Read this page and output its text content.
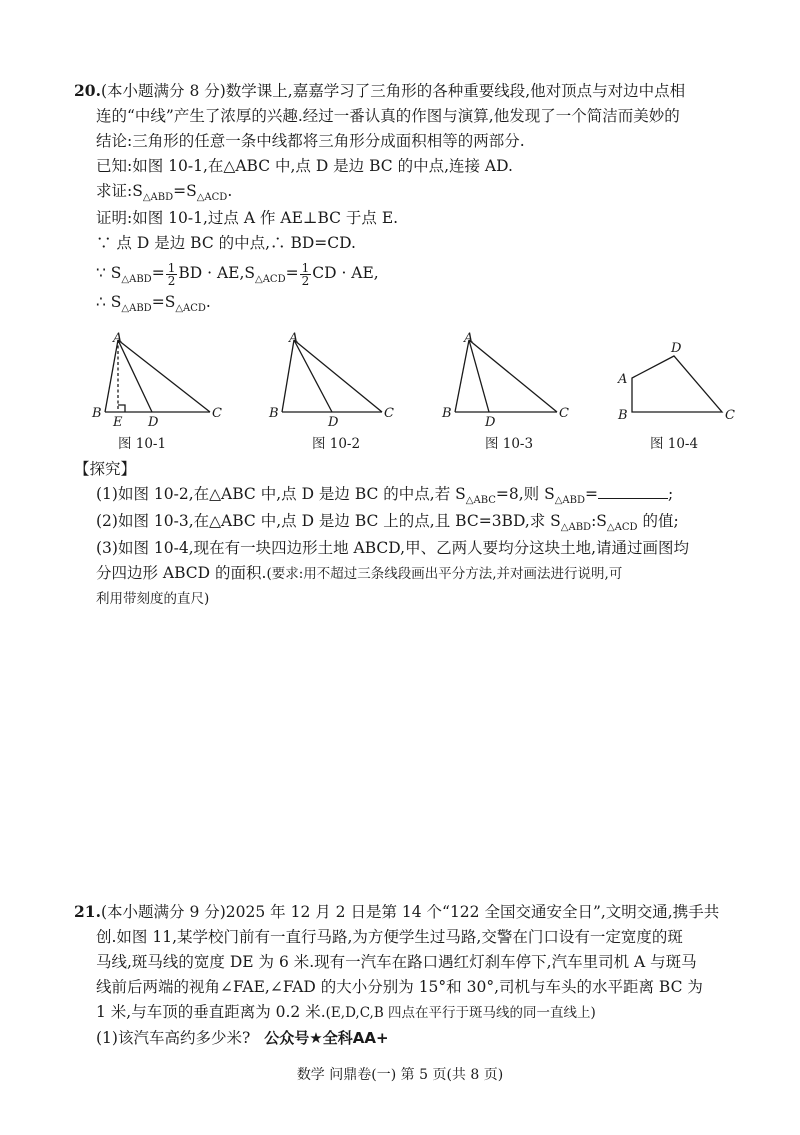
20.(本小题满分 8 分)数学课上,嘉嘉学习了三角形的各种重要线段,他对顶点与对边中点相
连的“中线”产生了浓厚的兴趣.经过一番认真的作图与演算,他发现了一个简洁而美妙的
结论:三角形的任意一条中线都将三角形分成面积相等的两部分.
已知:如图 10-1,在△ABC 中,点 D 是边 BC 的中点,连接 AD.
求证$:S_{\triangle ABD}=S_{\triangle ACD}$.
证明:如图 10-1,过点 A 作 AE⊥BC 于点 E.
∵ 点 D 是边 BC 的中点,∴ BD=CD.
∵ $S_{\triangle ABD}= \frac{1}{2}$ BD · $AE,S_{\triangle ACD}= \frac{1}{2}$ CD · AE,
∴ $S_{\triangle ABD}=S_{\triangle ACD}$.
A
B
E D
C
图 10-1
A
B
D
C
图 10-2
A
B
D
C
图 10-3
A
B	C
D
图 10-4
【探究】
(1)如图 10-2,在△ABC 中,点 D 是边 BC 的中点,若 $S_{\triangle ABC}=8$,则 $S_{\triangle ABD}=$	;
(2)如图 10-3,在△ABC 中,点 D 是边 BC 上的点,且 BC=3BD,求 $S_{\triangle ABD}:S_{\triangle ACD}$ 的值;
(3)如图 10-4,现在有一块四边形土地 ABCD,甲、乙两人要均分这块土地,请通过画图均
分四边形 ABCD 的面积.(要求:用不超过三条线段画出平分方法,并对画法进行说明,可
利用带刻度的直尺)
21.(本小题满分 9 分)2025 年 12 月 2 日是第 14 个“122 全国交通安全日”,文明交通,携手共
创.如图 11,某学校门前有一直行马路,为方便学生过马路,交警在门口设有一定宽度的斑
马线,斑马线的宽度 DE 为 6 米.现有一汽车在路口遇红灯刹车停下,汽车里司机 A 与斑马
线前后两端的视角∠FAE,∠FAD 的大小分别为 15°和 30°,司机与车头的水平距离 BC 为
1 米,与车顶的垂直距离为 0.2 米.(E,D,C,B 四点在平行于斑马线的同一直线上)
(1)该汽车高约多少米? 公众号★全科AA+
数学 问鼎卷(一) 第 5 页(共 8 页)
